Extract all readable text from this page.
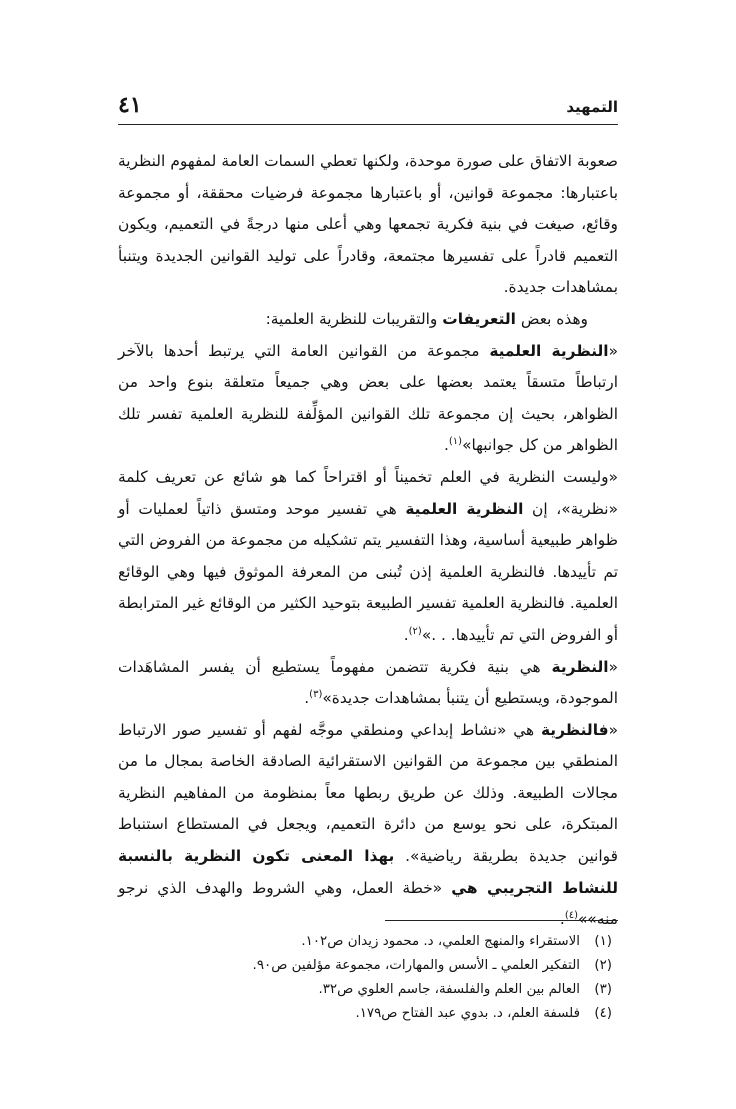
التمهيد
٤١

صعوبة الاتفاق على صورة موحدة، ولكنها تعطي السمات العامة لمفهوم النظرية باعتبارها: مجموعة قوانين، أو باعتبارها مجموعة فرضيات محققة، أو مجموعة وقائع، صيغت في بنية فكرية تجمعها وهي أعلى منها درجةً في التعميم، ويكون التعميم قادراً على تفسيرها مجتمعة، وقادراً على توليد القوانين الجديدة ويتنبأ بمشاهدات جديدة.

وهذه بعض التعريفات والتقريبات للنظرية العلمية:

«النظرية العلمية مجموعة من القوانين العامة التي يرتبط أحدها بالآخر ارتباطاً متسقاً يعتمد بعضها على بعض وهي جميعاً متعلقة بنوع واحد من الظواهر، بحيث إن مجموعة تلك القوانين المؤلِّفة للنظرية العلمية تفسر تلك الظواهر من كل جوانبها»$^{(١)}$.

«وليست النظرية في العلم تخميناً أو اقتراحاً كما هو شائع عن تعريف كلمة «نظرية»، إن النظرية العلمية هي تفسير موحد ومتسق ذاتياً لعمليات أو ظواهر طبيعية أساسية، وهذا التفسير يتم تشكيله من مجموعة من الفروض التي تم تأييدها. فالنظرية العلمية إذن تُبنى من المعرفة الموثوق فيها وهي الوقائع العلمية. فالنظرية العلمية تفسير الطبيعة بتوحيد الكثير من الوقائع غير المترابطة أو الفروض التي تم تأييدها. . .»$^{(٢)}$.

«النظرية هي بنية فكرية تتضمن مفهوماً يستطيع أن يفسر المشاهَدات الموجودة، ويستطيع أن يتنبأ بمشاهدات جديدة»$^{(٣)}$.

«فالنظرية هي «نشاط إبداعي ومنطقي موجَّه لفهم أو تفسير صور الارتباط المنطقي بين مجموعة من القوانين الاستقرائية الصادقة الخاصة بمجال ما من مجالات الطبيعة. وذلك عن طريق ربطها معاً بمنظومة من المفاهيم النظرية المبتكرة، على نحو يوسع من دائرة التعميم، ويجعل في المستطاع استنباط قوانين جديدة بطريقة رياضية». بهذا المعنى تكون النظرية بالنسبة للنشاط التجريبي هي «خطة العمل، وهي الشروط والهدف الذي نرجو منه»»$^{(٤)}$.

(١)
الاستقراء والمنهج العلمي، د. محمود زيدان ص١٠٢.
(٢)
التفكير العلمي ـ الأسس والمهارات، مجموعة مؤلفين ص٩٠.
(٣)
العالم بين العلم والفلسفة، جاسم العلوي ص٣٢.
(٤)
فلسفة العلم، د. بدوي عبد الفتاح ص١٧٩.
